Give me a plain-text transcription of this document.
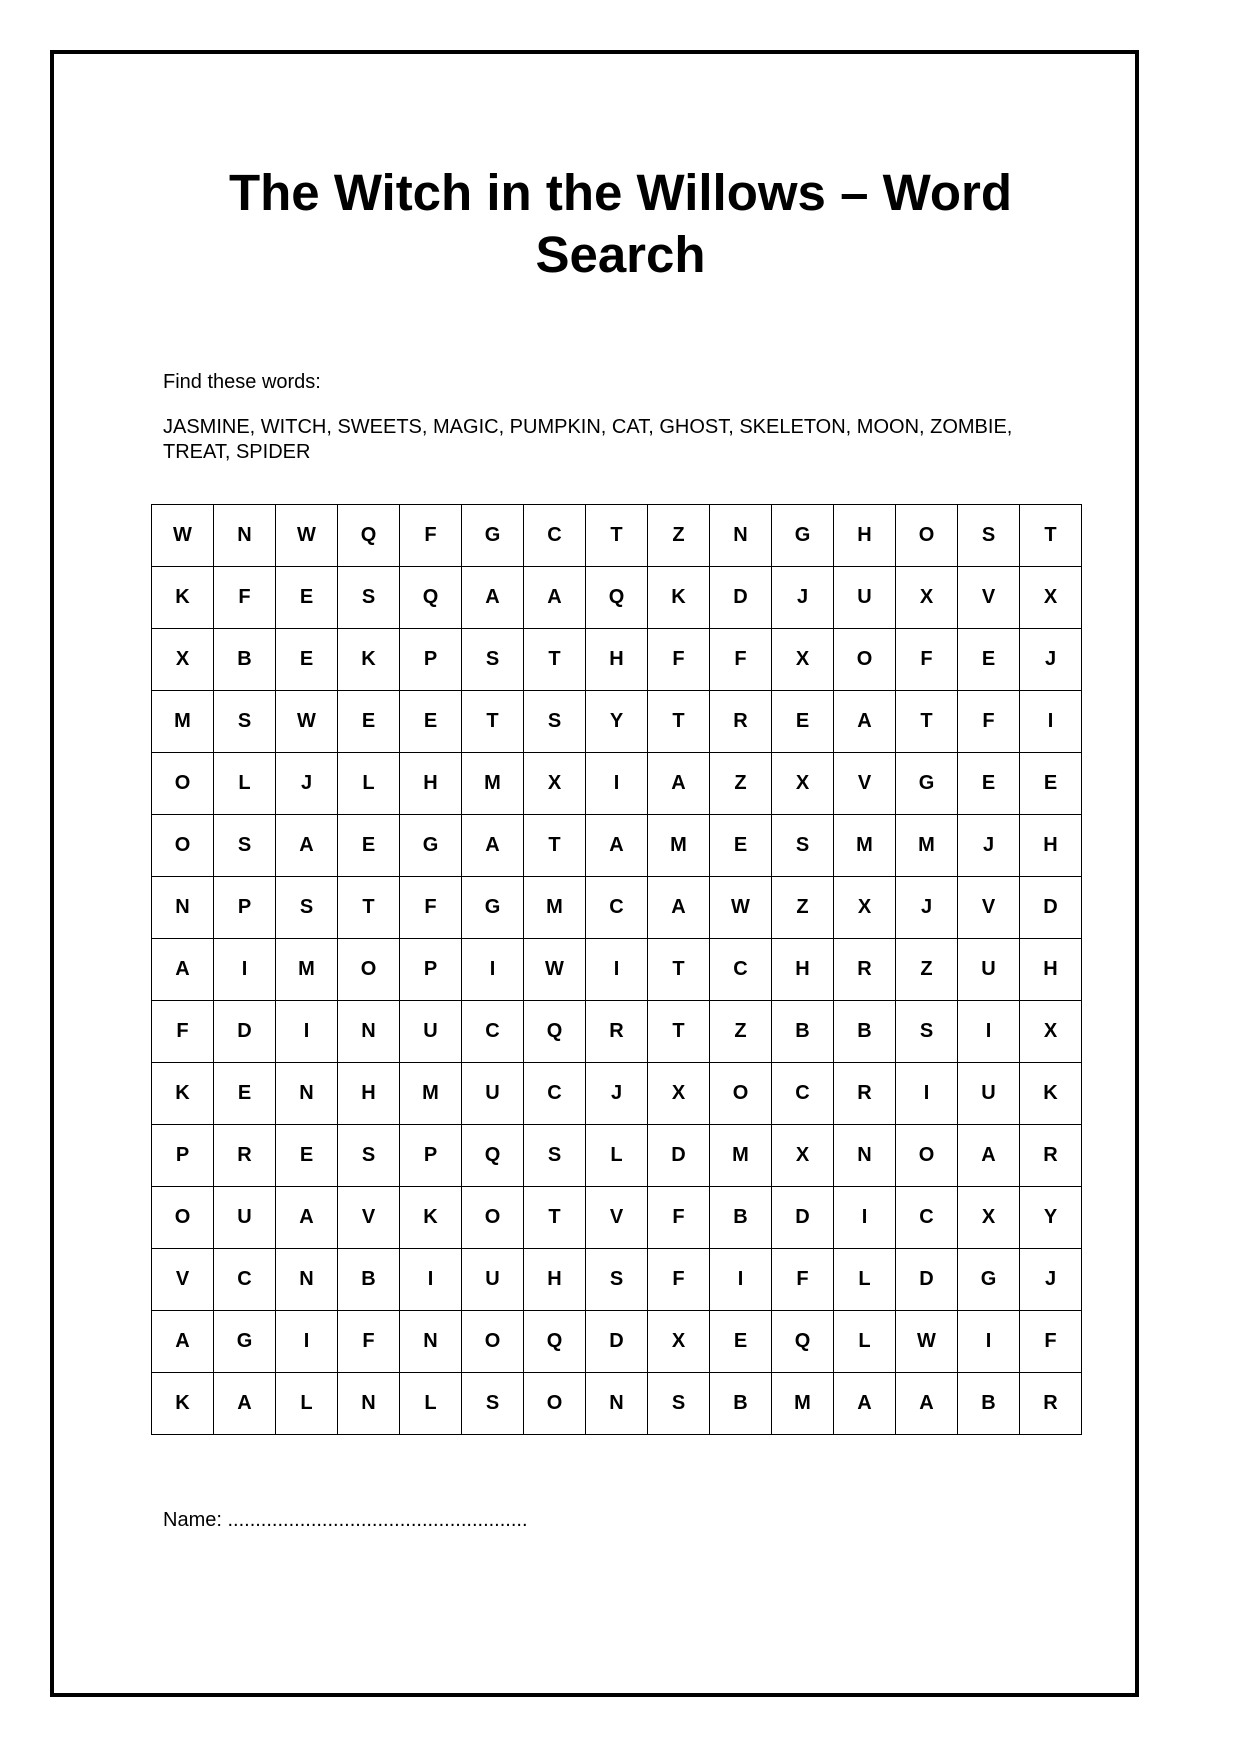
The Witch in the Willows – Word Search

Find these words:

JASMINE, WITCH, SWEETS, MAGIC, PUMPKIN, CAT, GHOST, SKELETON, MOON, ZOMBIE, TREAT, SPIDER

W	N	W	Q	F	G	C	T	Z	N	G	H	O	S	T
K	F	E	S	Q	A	A	Q	K	D	J	U	X	V	X
X	B	E	K	P	S	T	H	F	F	X	O	F	E	J
M	S	W	E	E	T	S	Y	T	R	E	A	T	F	I
O	L	J	L	H	M	X	I	A	Z	X	V	G	E	E
O	S	A	E	G	A	T	A	M	E	S	M	M	J	H
N	P	S	T	F	G	M	C	A	W	Z	X	J	V	D
A	I	M	O	P	I	W	I	T	C	H	R	Z	U	H
F	D	I	N	U	C	Q	R	T	Z	B	B	S	I	X
K	E	N	H	M	U	C	J	X	O	C	R	I	U	K
P	R	E	S	P	Q	S	L	D	M	X	N	O	A	R
O	U	A	V	K	O	T	V	F	B	D	I	C	X	Y
V	C	N	B	I	U	H	S	F	I	F	L	D	G	J
A	G	I	F	N	O	Q	D	X	E	Q	L	W	I	F
K	A	L	N	L	S	O	N	S	B	M	A	A	B	R

Name: ......................................................
